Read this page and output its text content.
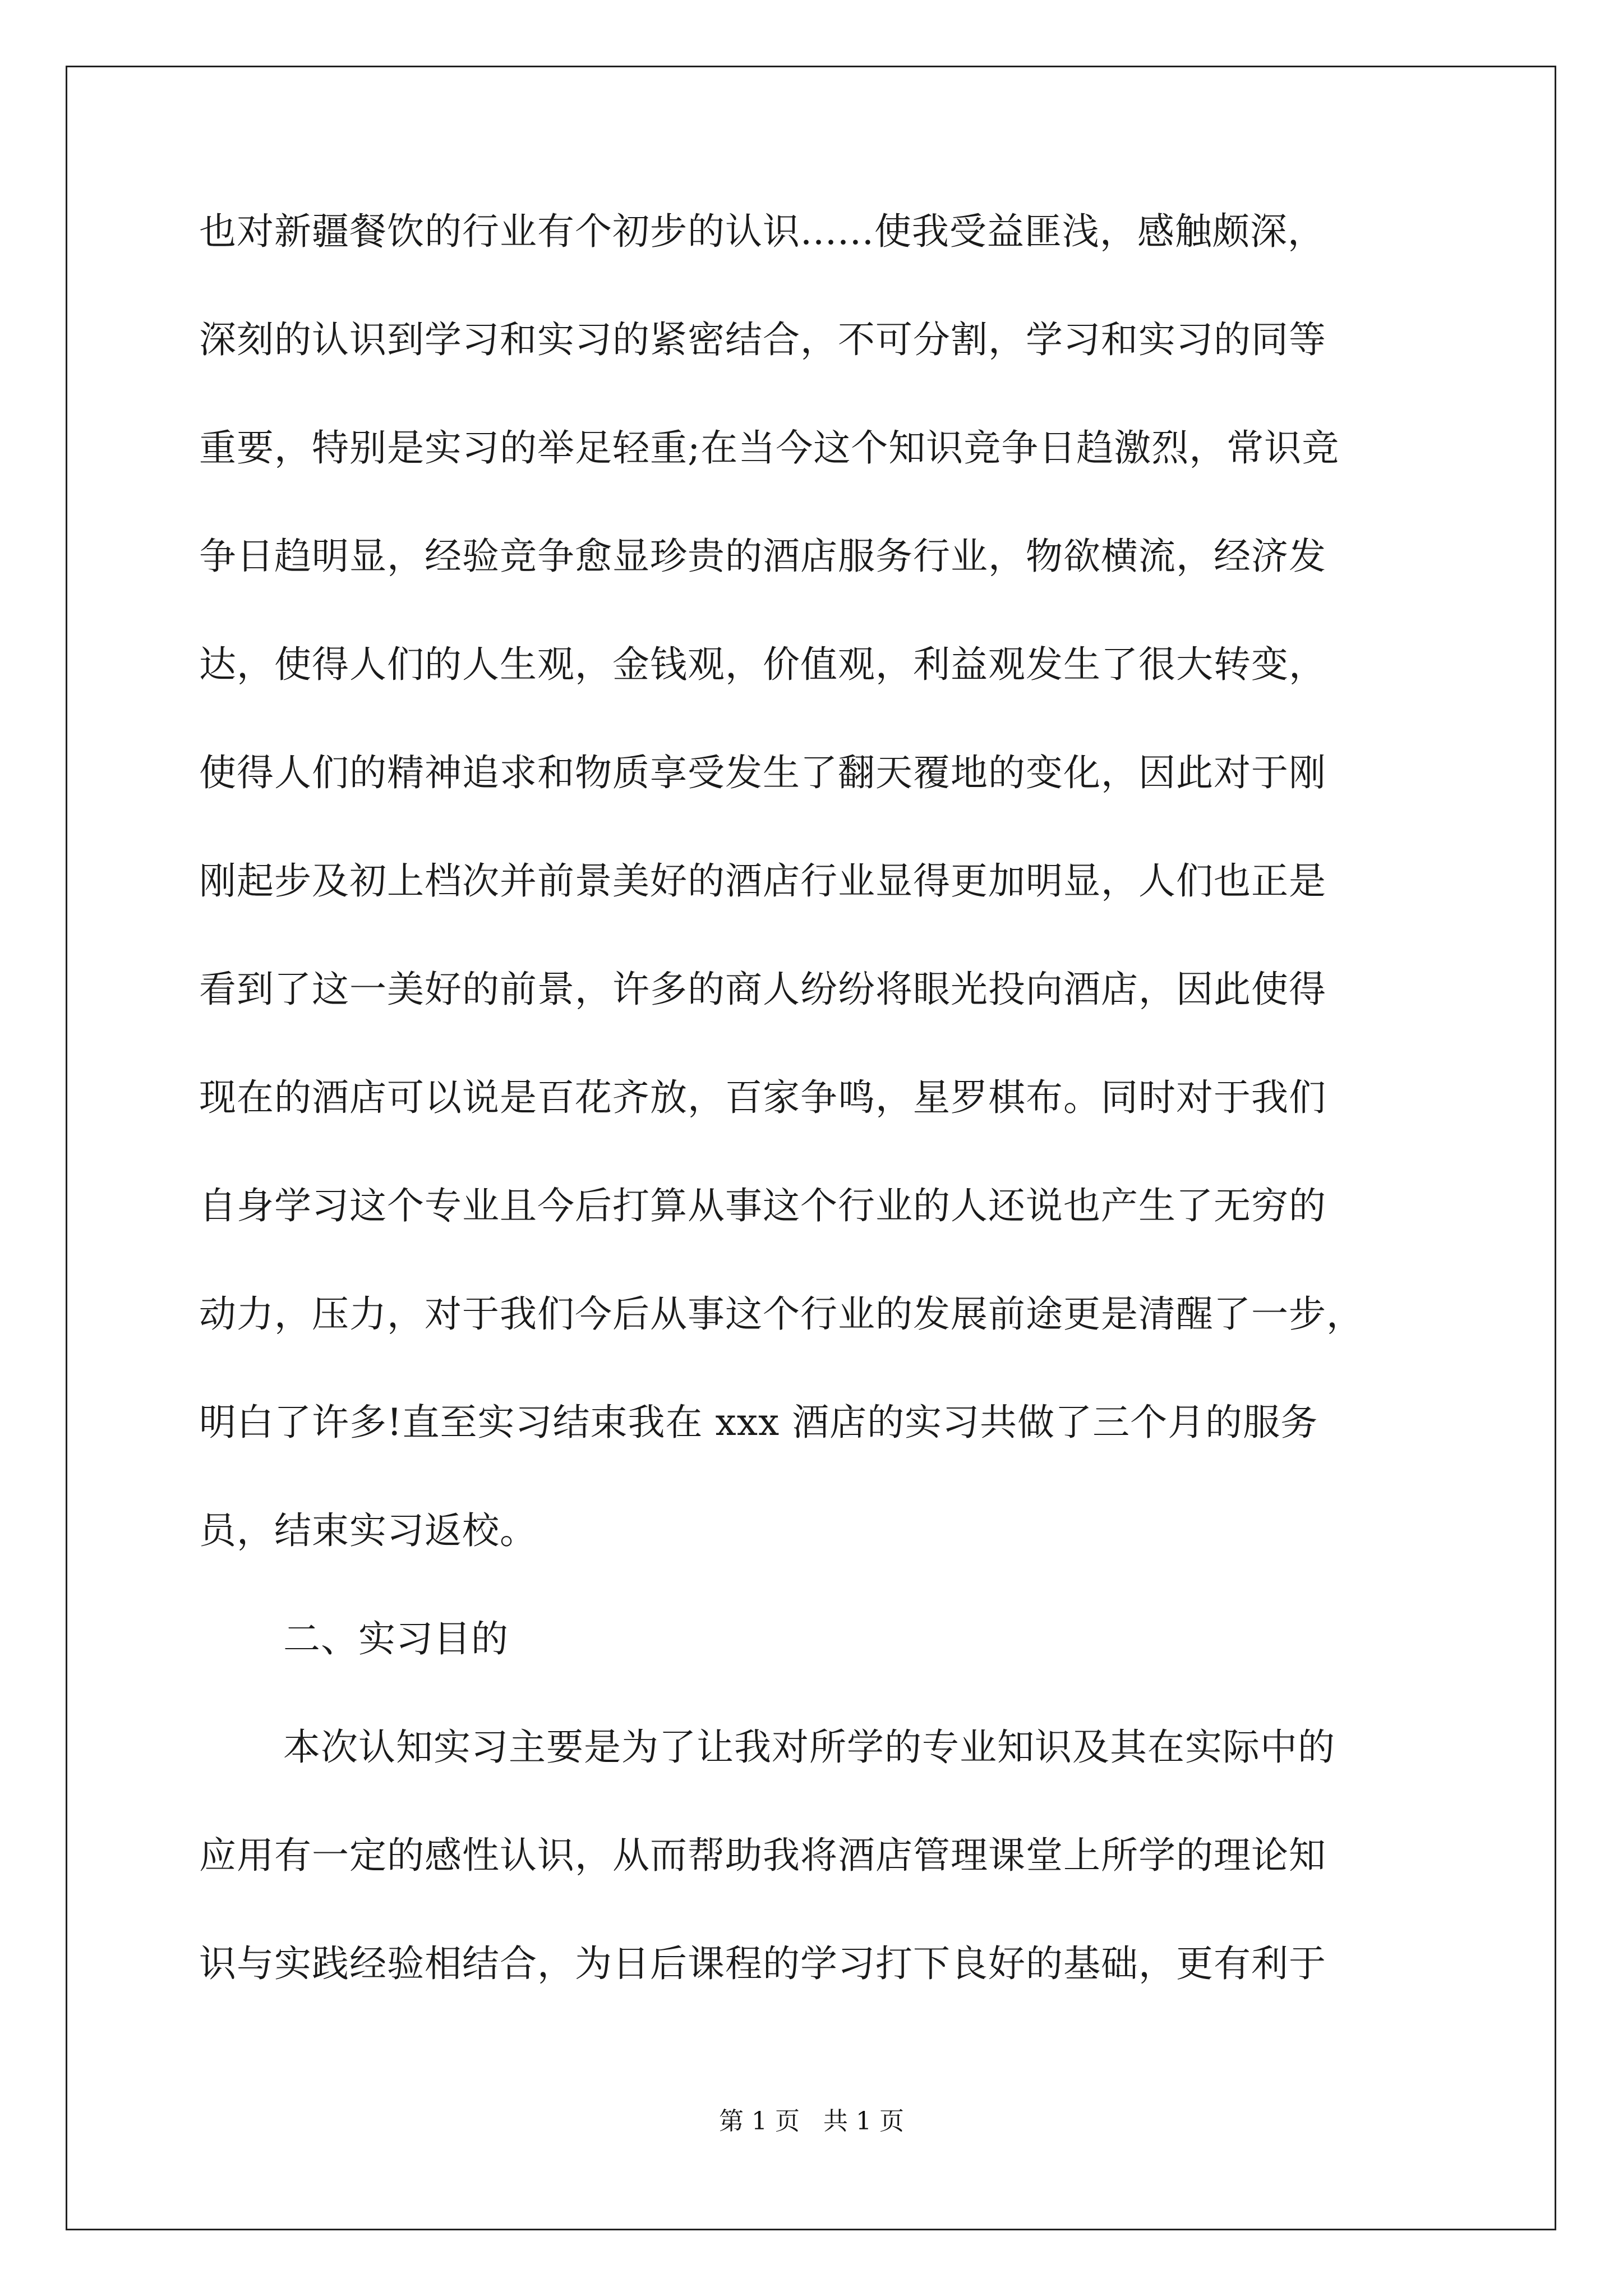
也对新疆餐饮的行业有个初步的认识......使我受益匪浅，感触颇深，
深刻的认识到学习和实习的紧密结合，不可分割，学习和实习的同等
重要，特别是实习的举足轻重;在当今这个知识竞争日趋激烈，常识竞
争日趋明显，经验竞争愈显珍贵的酒店服务行业，物欲横流，经济发
达，使得人们的人生观，金钱观，价值观，利益观发生了很大转变，
使得人们的精神追求和物质享受发生了翻天覆地的变化，因此对于刚
刚起步及初上档次并前景美好的酒店行业显得更加明显，人们也正是
看到了这一美好的前景，许多的商人纷纷将眼光投向酒店，因此使得
现在的酒店可以说是百花齐放，百家争鸣，星罗棋布。同时对于我们
自身学习这个专业且今后打算从事这个行业的人还说也产生了无穷的
动力，压力，对于我们今后从事这个行业的发展前途更是清醒了一步，
明白了许多!直至实习结束我在 xxx 酒店的实习共做了三个月的服务
员，结束实习返校。
二、实习目的
本次认知实习主要是为了让我对所学的专业知识及其在实际中的
应用有一定的感性认识，从而帮助我将酒店管理课堂上所学的理论知
识与实践经验相结合，为日后课程的学习打下良好的基础，更有利于
第 1 页   共 1 页
